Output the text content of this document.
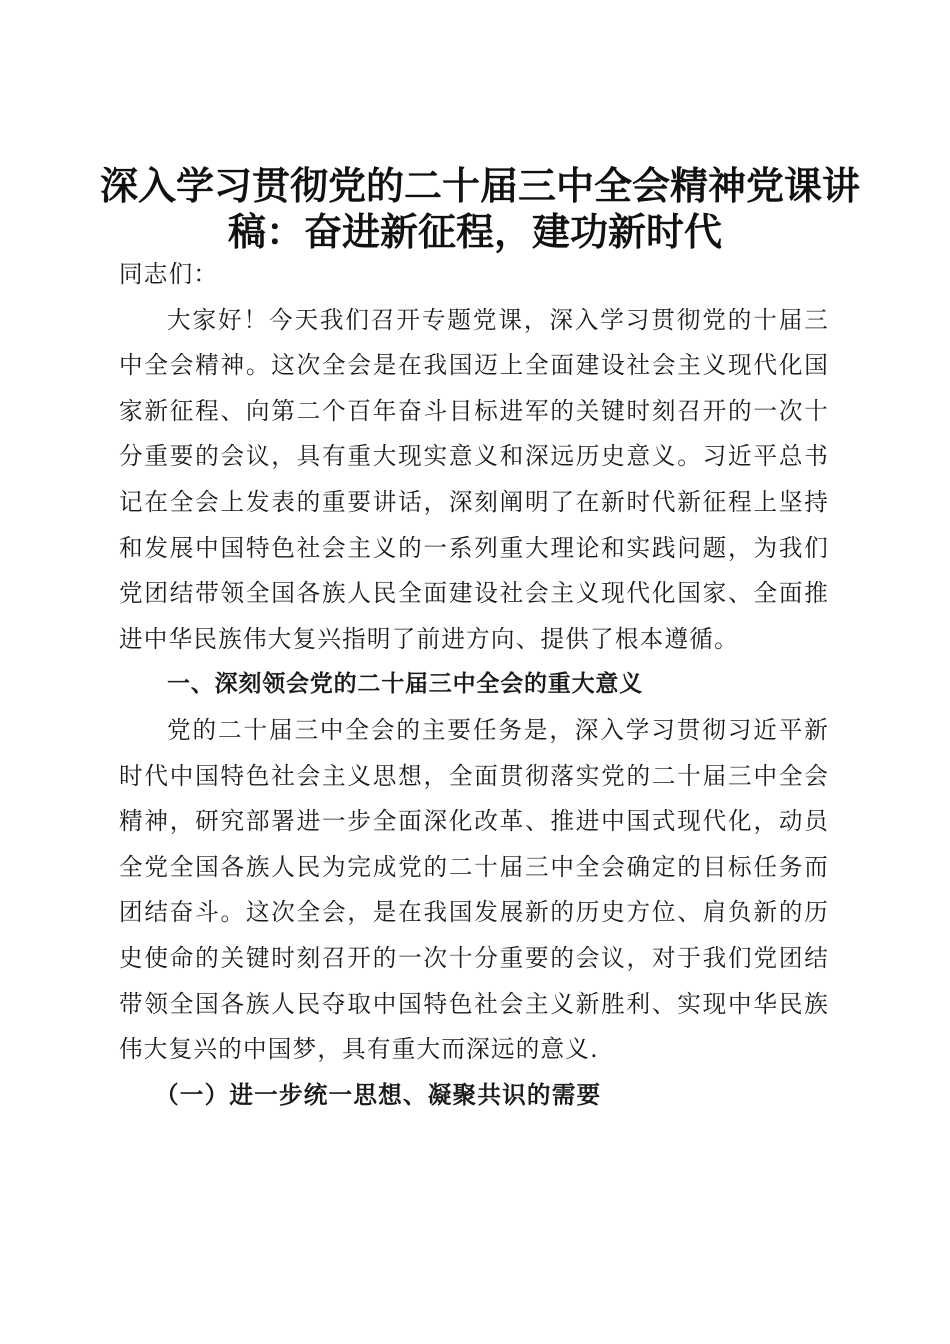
深入学习贯彻党的二十届三中全会精神党课讲
稿：奋进新征程，建功新时代

同志们：

大家好！今天我们召开专题党课，深入学习贯彻党的十届三中全会精神。这次全会是在我国迈上全面建设社会主义现代化国家新征程、向第二个百年奋斗目标进军的关键时刻召开的一次十分重要的会议，具有重大现实意义和深远历史意义。习近平总书记在全会上发表的重要讲话，深刻阐明了在新时代新征程上坚持和发展中国特色社会主义的一系列重大理论和实践问题，为我们党团结带领全国各族人民全面建设社会主义现代化国家、全面推进中华民族伟大复兴指明了前进方向、提供了根本遵循。

一、深刻领会党的二十届三中全会的重大意义

党的二十届三中全会的主要任务是，深入学习贯彻习近平新时代中国特色社会主义思想，全面贯彻落实党的二十届三中全会精神，研究部署进一步全面深化改革、推进中国式现代化，动员全党全国各族人民为完成党的二十届三中全会确定的目标任务而团结奋斗。这次全会，是在我国发展新的历史方位、肩负新的历史使命的关键时刻召开的一次十分重要的会议，对于我们党团结带领全国各族人民夺取中国特色社会主义新胜利、实现中华民族伟大复兴的中国梦，具有重大而深远的意义.

（一）进一步统一思想、凝聚共识的需要
